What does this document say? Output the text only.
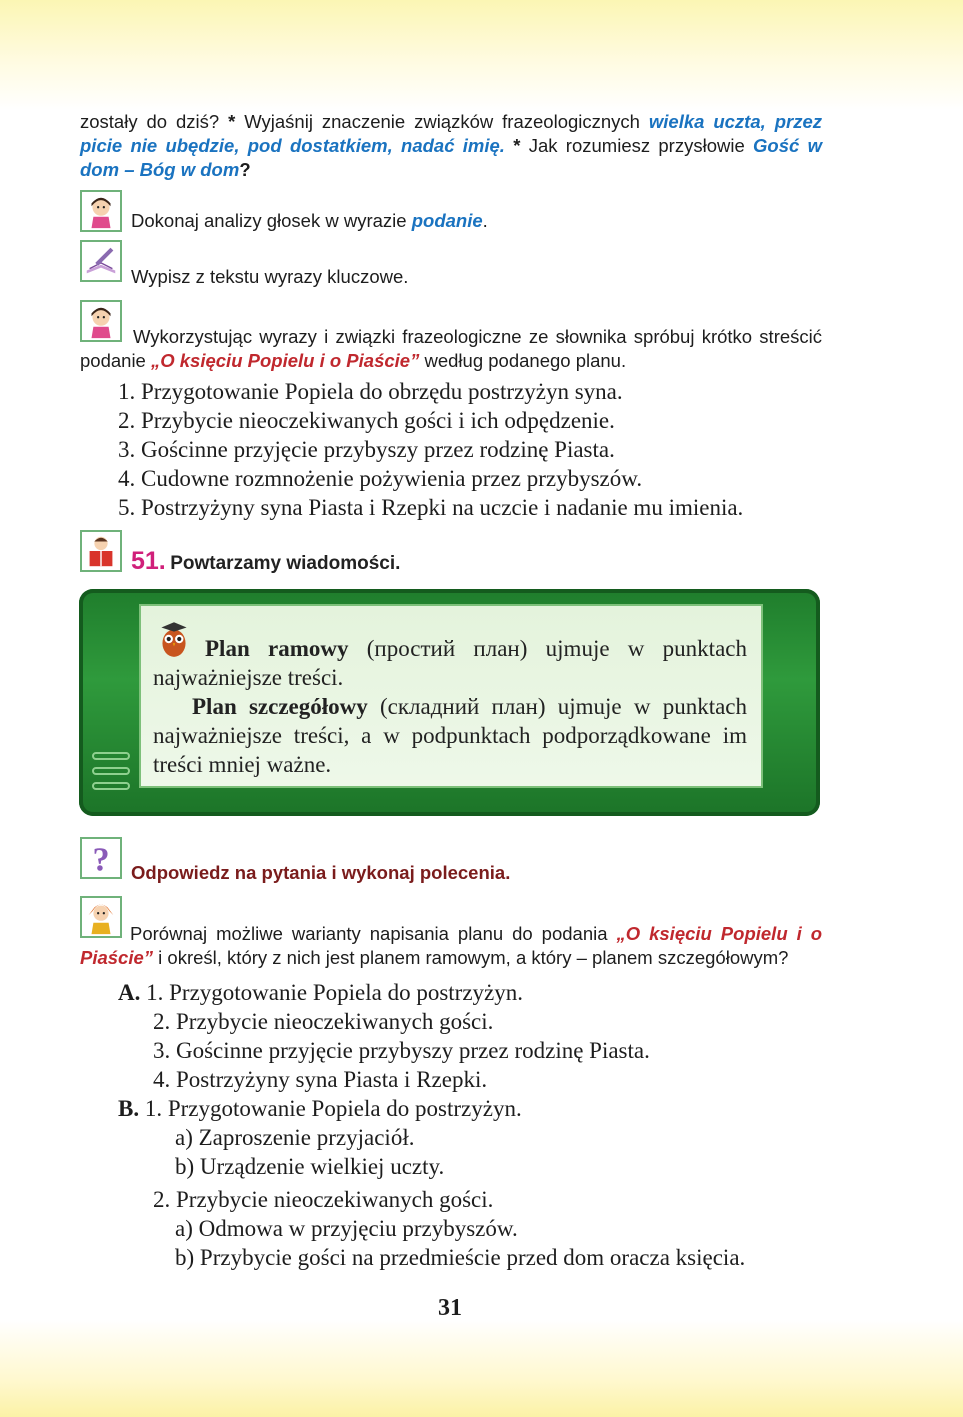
zostały do dziś? * Wyjaśnij znaczenie związków frazeologicznych wielka uczta, przez picie nie ubędzie, pod dostatkiem, nadać imię. * Jak rozumiesz przysłowie Gość w dom – Bóg w dom?
Dokonaj analizy głosek w wyrazie podanie.
Wypisz z tekstu wyrazy kluczowe.
Wykorzystując wyrazy i związki frazeologiczne ze słownika spróbuj krótko streścić podanie „O księciu Popielu i o Piaście” według podanego planu.
1. Przygotowanie Popiela do obrzędu postrzyżyn syna.
2. Przybycie nieoczekiwanych gości i ich odpędzenie.
3. Gościnne przyjęcie przybyszy przez rodzinę Piasta.
4. Cudowne rozmnożenie pożywienia przez przybyszów.
5. Postrzyżyny syna Piasta i Rzepki na uczcie i nadanie mu imienia.
51. Powtarzamy wiadomości.
Plan ramowy (простий план) ujmuje w punktach najważniejsze treści.
Plan szczegółowy (складний план) ujmuje w punktach najważniejsze treści, a w podpunktach podporządkowane im treści mniej ważne.
? Odpowiedz na pytania i wykonaj polecenia.
Porównaj możliwe warianty napisania planu do podania „O księciu Popielu i o Piaście” i określ, który z nich jest planem ramowym, a który – planem szczegółowym?
A. 1. Przygotowanie Popiela do postrzyżyn.
2. Przybycie nieoczekiwanych gości.
3. Gościnne przyjęcie przybyszy przez rodzinę Piasta.
4. Postrzyżyny syna Piasta i Rzepki.
B. 1. Przygotowanie Popiela do postrzyżyn.
a) Zaproszenie przyjaciół.
b) Urządzenie wielkiej uczty.
2. Przybycie nieoczekiwanych gości.
a) Odmowa w przyjęciu przybyszów.
b) Przybycie gości na przedmieście przed dom oracza księcia.
31
